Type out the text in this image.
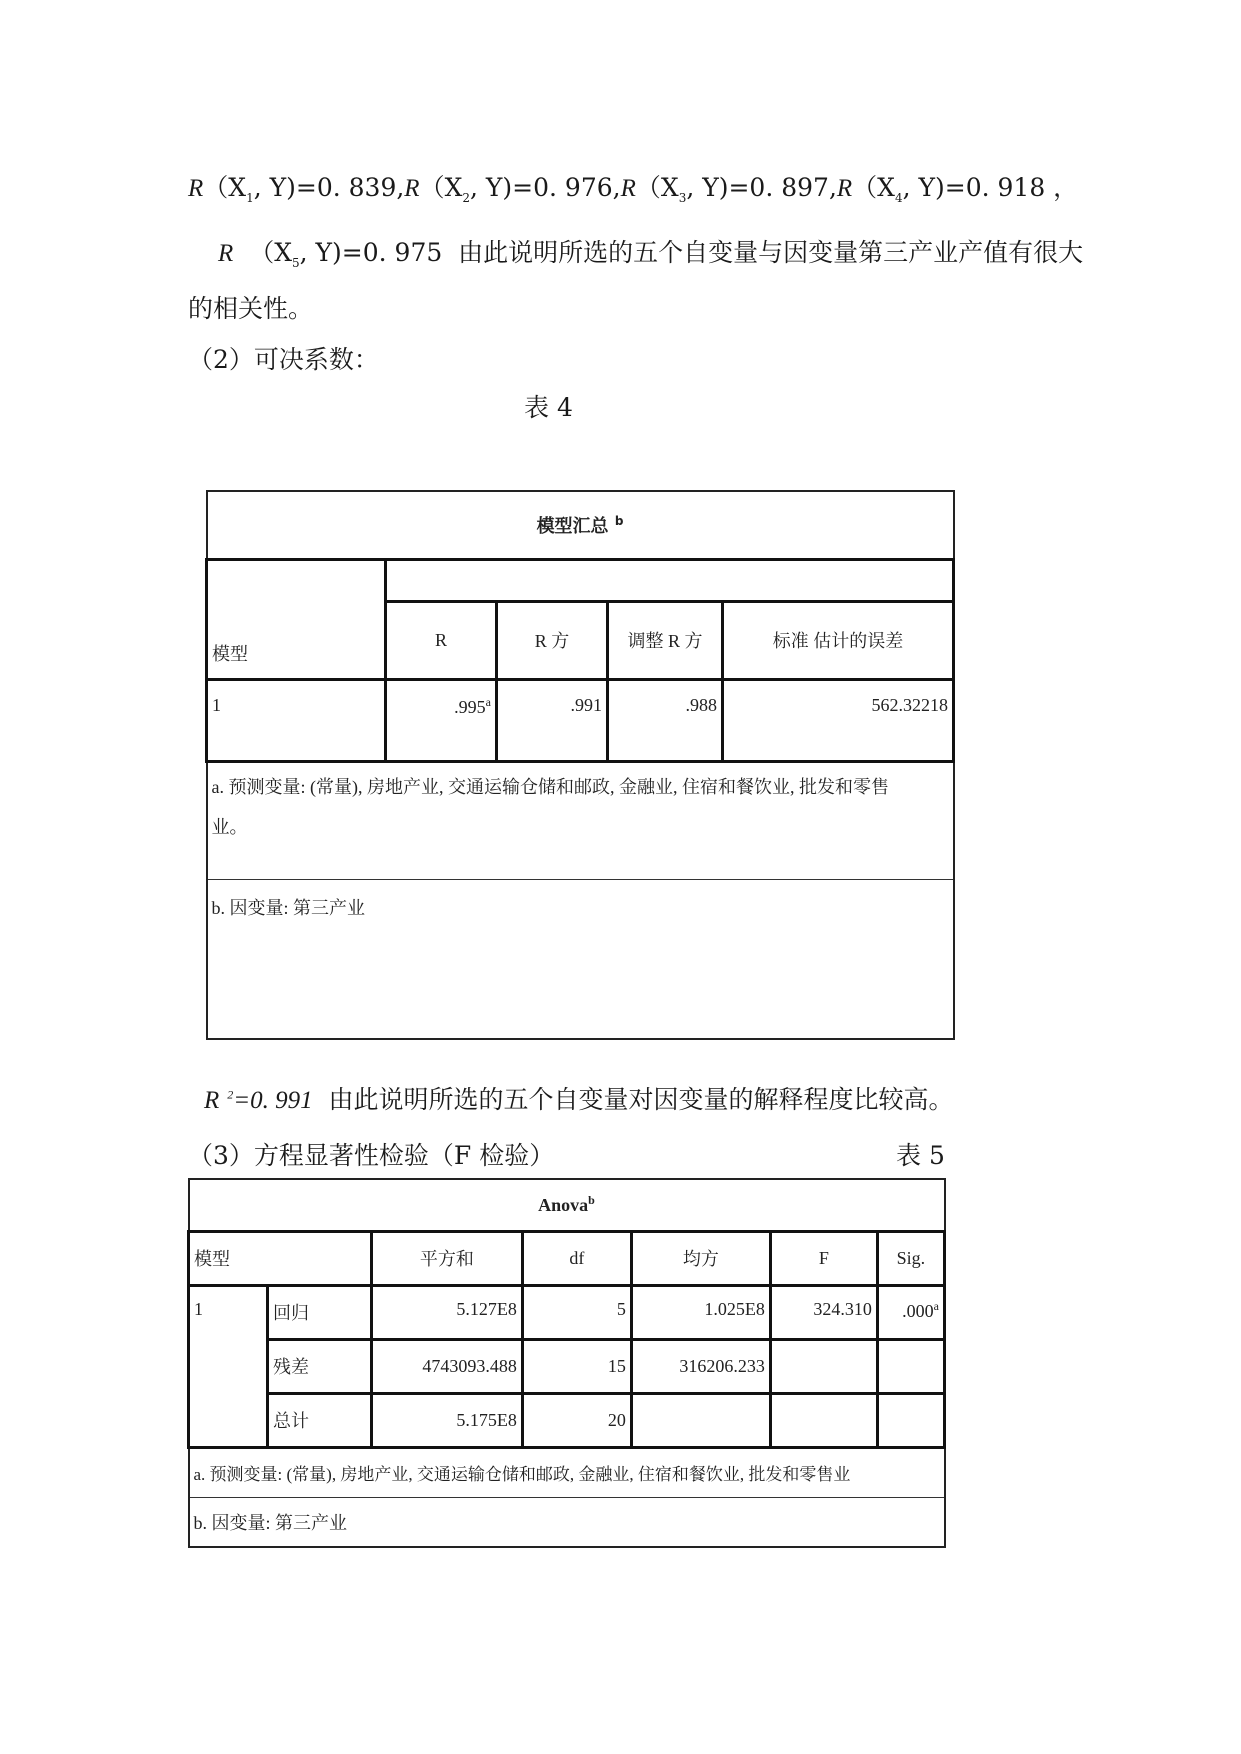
$R(X_1$, Y)=0. $839,R(X_2$, Y)=0. $976,R(X_3$, Y)=0. $897,R(X_4$, Y)=0. 918 ，
R （$X_5$, Y)=0. 975 由此说明所选的五个自变量与因变量第三产业产值有很大
的相关性。
（2）可决系数：
表 4
模型汇总 $^b$
模型				
	R	R 方	调整 R 方	标准 估计的误差
1	.995$^a$	.991	.988	562.32218

a. 预测变量: (常量), 房地产业, 交通运输仓储和邮政, 金融业, 住宿和餐饮业, 批发和零售
业。				

b. 因变量: 第三产业				
R $^2$=0. 991 由此说明所选的五个自变量对因变量的解释程度比较高。
（3）方程显著性检验（F 检验）	表 5
Anova$^b$
模型		平方和	df	均方	F	Sig.
1	回归	5.127E8	5	1.025E8	324.310	.000$^a$
	残差	4743093.488	15	316206.233		
	总计	5.175E8	20			
a. 预测变量: (常量), 房地产业, 交通运输仓储和邮政, 金融业, 住宿和餐饮业, 批发和零售业						
b. 因变量: 第三产业						
